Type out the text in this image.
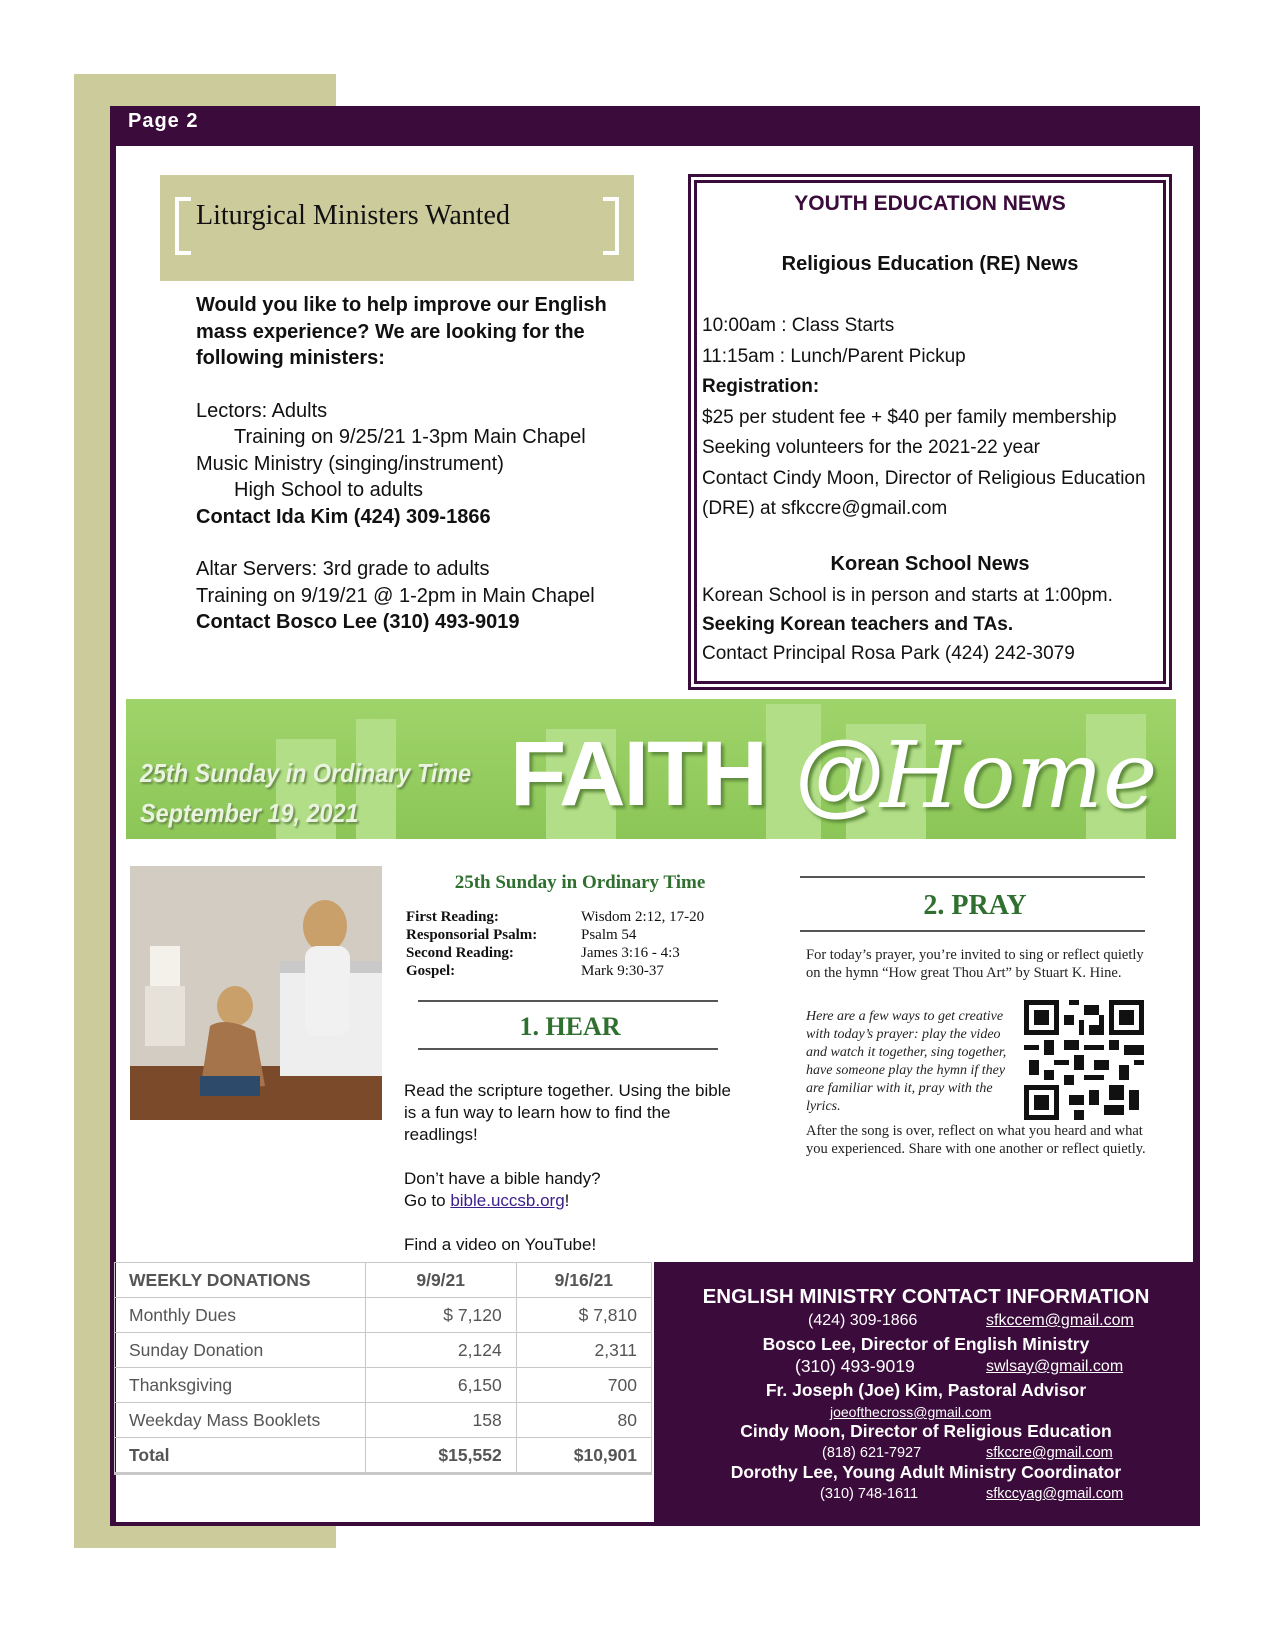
Page 2
Liturgical Ministers Wanted
Would you like to help improve our English mass experience? We are looking for the following ministers:
Lectors: Adults
Training on 9/25/21 1-3pm Main Chapel
Music Ministry (singing/instrument)
High School to adults
Contact Ida Kim (424) 309-1866
Altar Servers: 3rd grade to adults
Training on 9/19/21 @ 1-2pm in Main Chapel
Contact Bosco Lee (310) 493-9019
YOUTH EDUCATION NEWS
Religious Education (RE) News
10:00am : Class Starts
11:15am : Lunch/Parent Pickup
Registration:
$25 per student fee + $40 per family membership
Seeking volunteers for the 2021-22 year
Contact Cindy Moon, Director of Religious Education
(DRE) at sfkccre@gmail.com
Korean School News
Korean School is in person and starts at 1:00pm.
Seeking Korean teachers and TAs.
Contact Principal Rosa Park (424) 242-3079
25th Sunday in Ordinary Time
September 19, 2021 FAITH @
Home
25th Sunday in Ordinary Time
First Reading:	Wisdom 2:12, 17-20
Responsorial Psalm:	Psalm 54
Second Reading:	James 3:16 - 4:3
Gospel:	Mark 9:30-37
1. HEAR
Read the scripture together. Using the bible is a fun way to learn how to find the readlings!
Don’t have a bible handy?
Go to bible.uccsb.org!
Find a video on YouTube!
2. PRAY
For today’s prayer, you’re invited to sing or reflect quietly on the hymn “How great Thou Art” by Stuart K. Hine.
Here are a few ways to get creative with today’s prayer: play the video and watch it together, sing together, have someone play the hymn if they are familiar with it, pray with the lyrics.
After the song is over, reflect on what you heard and what you experienced. Share with one another or reflect quietly.
WEEKLY DONATIONS	9/9/21	9/16/21
Monthly Dues	$ 7,120	$ 7,810
Sunday Donation	2,124	2,311
Thanksgiving	6,150	700
Weekday Mass Booklets	158	80
Total	$15,552	$10,901
ENGLISH MINISTRY CONTACT INFORMATION
(424) 309-1866	sfkccem@gmail.com
Bosco Lee, Director of English Ministry
(310) 493-9019	swlsay@gmail.com
Fr. Joseph (Joe) Kim, Pastoral Advisor
joeofthecross@gmail.com
Cindy Moon, Director of Religious Education
(818) 621-7927	sfkccre@gmail.com
Dorothy Lee, Young Adult Ministry Coordinator
(310) 748-1611	sfkccyag@gmail.com
